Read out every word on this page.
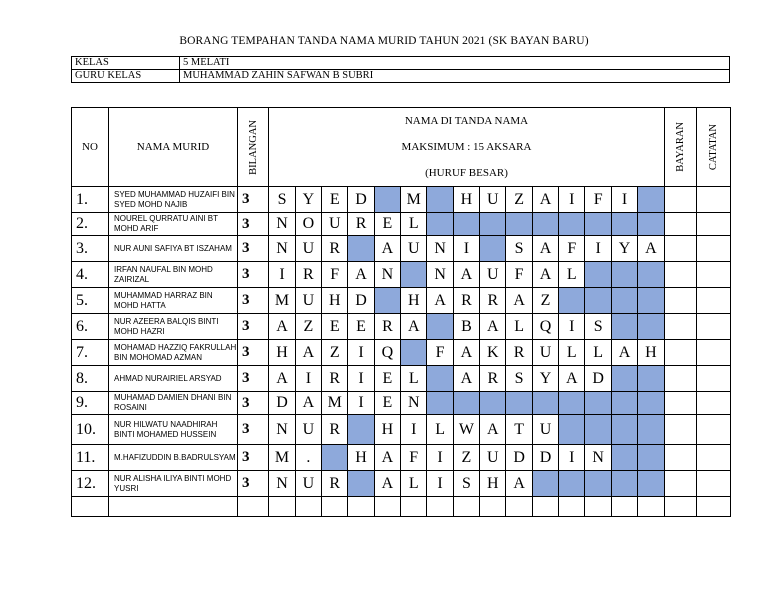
BORANG TEMPAHAN TANDA NAMA MURID TAHUN 2021 (SK BAYAN BARU)
KELAS	5 MELATI
GURU KELAS	MUHAMMAD ZAHIN SAFWAN B SUBRI
NO	NAMA MURID	BILANGAN	NAMA DI TANDA NAMA
MAKSIMUM : 15 AKSARA
(HURUF BESAR)															BAYARAN	CATATAN

1.	SYED MUHAMMAD HUZAIFI BIN SYED MOHD NAJIB	3	S	Y	E	D		M		H	U	Z	A	I	F	I			
2.	NOUREL QURRATU AINI BT MOHD ARIF	3	N	O	U	R	E	L											
3.	NUR AUNI SAFIYA BT ISZAHAM	3	N	U	R		A	U	N	I		S	A	F	I	Y	A		
4.	IRFAN NAUFAL BIN MOHD ZAIRIZAL	3	I	R	F	A	N		N	A	U	F	A	L					
5.	MUHAMMAD HARRAZ BIN MOHD HATTA	3	M	U	H	D		H	A	R	R	A	Z						
6.	NUR AZEERA BALQIS BINTI MOHD HAZRI	3	A	Z	E	E	R	A		B	A	L	Q	I	S				
7.	MOHAMAD HAZZIQ FAKRULLAH BIN MOHOMAD AZMAN	3	H	A	Z	I	Q		F	A	K	R	U	L	L	A	H		
8.	AHMAD NURAIRIEL ARSYAD	3	A	I	R	I	E	L		A	R	S	Y	A	D				
9.	MUHAMAD DAMIEN DHANI BIN ROSAINI	3	D	A	M	I	E	N											
10.	NUR HILWATU NAADHIRAH BINTI MOHAMED HUSSEIN	3	N	U	R		H	I	L	W	A	T	U						
11.	M.HAFIZUDDIN B.BADRULSYAM	3	M	.		H	A	F	I	Z	U	D	D	I	N				
12.	NUR ALISHA ILIYA BINTI MOHD YUSRI	3	N	U	R		A	L	I	S	H	A							
